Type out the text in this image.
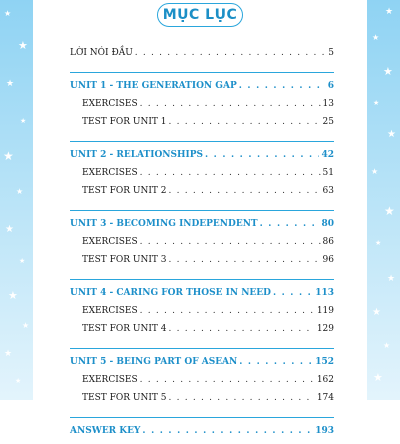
★
★
★
★
★
★
★
★
★
★
★
★
★
★
★
★
★
★
★
★
★
★
★
★
MỤC LỤC
LỜI NÓI ĐẦU . . .	5
UNIT 1 - THE GENERATION GAP . . .	6
EXERCISES . . .	13
TEST FOR UNIT 1 . . .	25
UNIT 2 - RELATIONSHIPS . . .	42
EXERCISES . . .	51
TEST FOR UNIT 2 . . .	63
UNIT 3 - BECOMING INDEPENDENT . . .	80
EXERCISES . . .	86
TEST FOR UNIT 3 . . .	96
UNIT 4 - CARING FOR THOSE IN NEED . . .	113
EXERCISES . . .	119
TEST FOR UNIT 4 . . .	129
UNIT 5 - BEING PART OF ASEAN . . .	152
EXERCISES . . .	162
TEST FOR UNIT 5 . . .	174
ANSWER KEY . . .	193
